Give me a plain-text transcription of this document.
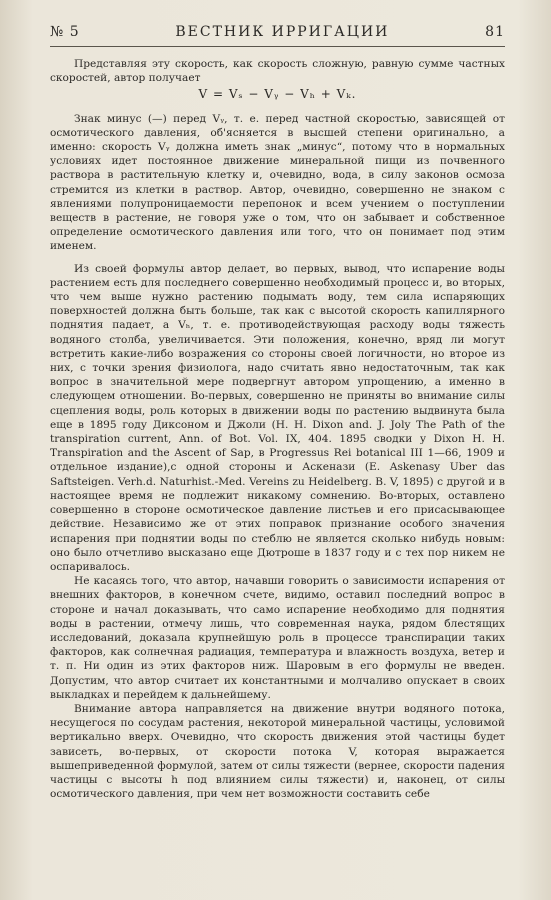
№ 5	ВЕСТНИК ИРРИГАЦИИ	81

Представляя эту скорость, как скорость сложную, равную сумме частных скоростей, автор получает

V = Vₛ − Vᵧ − Vₕ + Vₖ.

Знак минус (—) перед Vᵧ, т. е. перед частной скоростью, зависящей от осмотического давления, об'ясняется в высшей степени оригинально, а именно: скорость Vᵧ должна иметь знак „минус“, потому что в нормальных условиях идет постоянное движение минеральной пищи из почвенного раствора в растительную клетку и, очевидно, вода, в силу законов осмоза стремится из клетки в раствор. Автор, очевидно, совершенно не знаком с явлениями полупроницаемости перепонок и всем учением о поступлении веществ в растение, не говоря уже о том, что он забывает и собственное определение осмотического давления или того, что он понимает под этим именем.

Из своей формулы автор делает, во первых, вывод, что испарение воды растением есть для последнего совершенно необходимый процесс и, во вторых, что чем выше нужно растению подымать воду, тем сила испаряющих поверхностей должна быть больше, так как с высотой скорость капиллярного поднятия падает, а Vₕ, т. е. противодействующая расходу воды тяжесть водяного столба, увеличивается. Эти положения, конечно, вряд ли могут встретить какие-либо возражения со стороны своей логичности, но второе из них, с точки зрения физиолога, надо считать явно недостаточным, так как вопрос в значительной мере подвергнут автором упрощению, а именно в следующем отношении. Во-первых, совершенно не приняты во внимание силы сцепления воды, роль которых в движении воды по растению выдвинута была еще в 1895 году Диксоном и Джоли (H. H. Dixon and. J. Joly The Path of the transpiration current, Ann. of Bot. Vol. IX, 404. 1895 сводки у Dixon H. H. Transpiration and the Ascent of Sap, в Progressus Rei botanical III 1—66, 1909 и отдельное издание),с одной стороны и Аскенази (E. Askenasy Uber das Saftsteigen. Verh.d. Naturhist.-Med. Vereins zu Heidelberg. B. V, 1895) с другой и в настоящее время не подлежит никакому сомнению. Во-вторых, оставлено совершенно в стороне осмотическое давление листьев и его присасывающее действие. Независимо же от этих поправок признание особого значения испарения при поднятии воды по стеблю не является сколько нибудь новым: оно было отчетливо высказано еще Дютроше в 1837 году и с тех пор никем не оспаривалось.

Не касаясь того, что автор, начавши говорить о зависимости испарения от внешних факторов, в конечном счете, видимо, оставил последний вопрос в стороне и начал доказывать, что само испарение необходимо для поднятия воды в растении, отмечу лишь, что современная наука, рядом блестящих исследований, доказала крупнейшую роль в процессе транспирации таких факторов, как солнечная радиация, температура и влажность воздуха, ветер и т. п. Ни один из этих факторов ниж. Шаровым в его формулы не введен. Допустим, что автор считает их константными и молчаливо опускает в своих выкладках и перейдем к дальнейшему.

Внимание автора направляется на движение внутри водяного потока, несущегося по сосудам растения, некоторой минеральной частицы, условимой вертикально вверх. Очевидно, что скорость движения этой частицы будет зависеть, во-первых, от скорости потока V, которая выражается вышеприведенной формулой, затем от силы тяжести (вернее, скорости падения частицы с высоты h под влиянием силы тяжести) и, наконец, от силы осмотического давления, при чем нет возможности составить себе
